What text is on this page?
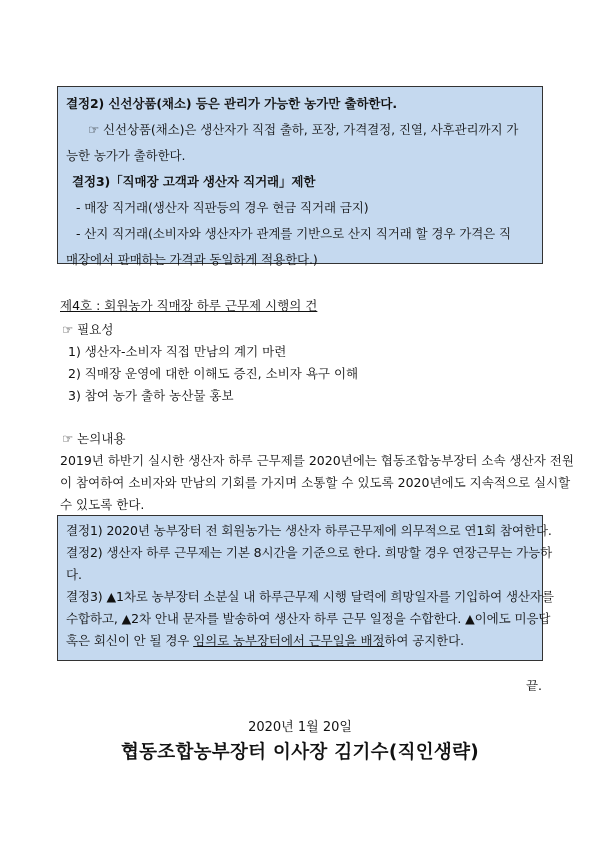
결정2) 신선상품(채소) 등은 관리가 가능한 농가만 출하한다.
☞ 신선상품(채소)은 생산자가 직접 출하, 포장, 가격결정, 진열, 사후관리까지 가
능한 농가가 출하한다.
결정3)「직매장 고객과 생산자 직거래」제한
- 매장 직거래(생산자 직판등의 경우 현금 직거래 금지)
- 산지 직거래(소비자와 생산자가 관계를 기반으로 산지 직거래 할 경우 가격은 직
매장에서 판매하는 가격과 동일하게 적용한다.)
제4호 : 회원농가 직매장 하루 근무제 시행의 건
☞ 필요성
1) 생산자-소비자 직접 만남의 계기 마련
2) 직매장 운영에 대한 이해도 증진, 소비자 욕구 이해
3) 참여 농가 출하 농산물 홍보
☞ 논의내용
2019년 하반기 실시한 생산자 하루 근무제를 2020년에는 협동조합농부장터 소속 생산자 전원
이 참여하여 소비자와 만남의 기회를 가지며 소통할 수 있도록 2020년에도 지속적으로 실시할
수 있도록 한다.
결정1) 2020년 농부장터 전 회원농가는 생산자 하루근무제에 의무적으로 연1회 참여한다.
결정2) 생산자 하루 근무제는 기본 8시간을 기준으로 한다. 희망할 경우 연장근무는 가능하
다.
결정3) ▲1차로 농부장터 소분실 내 하루근무제 시행 달력에 희망일자를 기입하여 생산자를
수합하고, ▲2차 안내 문자를 발송하여 생산자 하루 근무 일정을 수합한다. ▲이에도 미응답
혹은 회신이 안 될 경우 임의로 농부장터에서 근무일을 배정하여 공지한다.
끝.
2020년 1월 20일
협동조합농부장터 이사장 김기수(직인생략)
